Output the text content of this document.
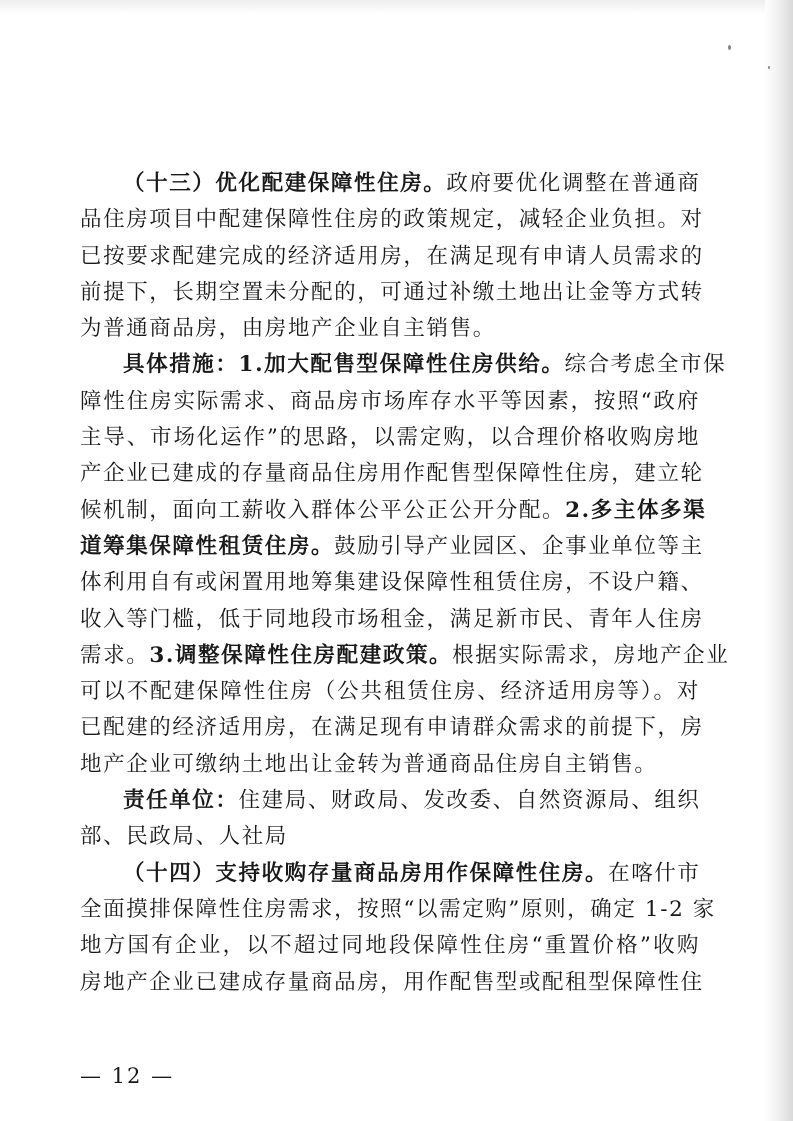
（十三）优化配建保障性住房。政府要优化调整在普通商
品住房项目中配建保障性住房的政策规定，减轻企业负担。对
已按要求配建完成的经济适用房，在满足现有申请人员需求的
前提下，长期空置未分配的，可通过补缴土地出让金等方式转
为普通商品房，由房地产企业自主销售。
具体措施：1.加大配售型保障性住房供给。综合考虑全市保
障性住房实际需求、商品房市场库存水平等因素，按照“政府
主导、市场化运作”的思路，以需定购，以合理价格收购房地
产企业已建成的存量商品住房用作配售型保障性住房，建立轮
候机制，面向工薪收入群体公平公正公开分配。2.多主体多渠
道筹集保障性租赁住房。鼓励引导产业园区、企事业单位等主
体利用自有或闲置用地筹集建设保障性租赁住房，不设户籍、
收入等门槛，低于同地段市场租金，满足新市民、青年人住房
需求。3.调整保障性住房配建政策。根据实际需求，房地产企业
可以不配建保障性住房（公共租赁住房、经济适用房等）。对
已配建的经济适用房，在满足现有申请群众需求的前提下，房
地产企业可缴纳土地出让金转为普通商品住房自主销售。
责任单位：住建局、财政局、发改委、自然资源局、组织
部、民政局、人社局
（十四）支持收购存量商品房用作保障性住房。在喀什市
全面摸排保障性住房需求，按照“以需定购”原则，确定 1-2 家
地方国有企业，以不超过同地段保障性住房“重置价格”收购
房地产企业已建成存量商品房，用作配售型或配租型保障性住
— 12 —
